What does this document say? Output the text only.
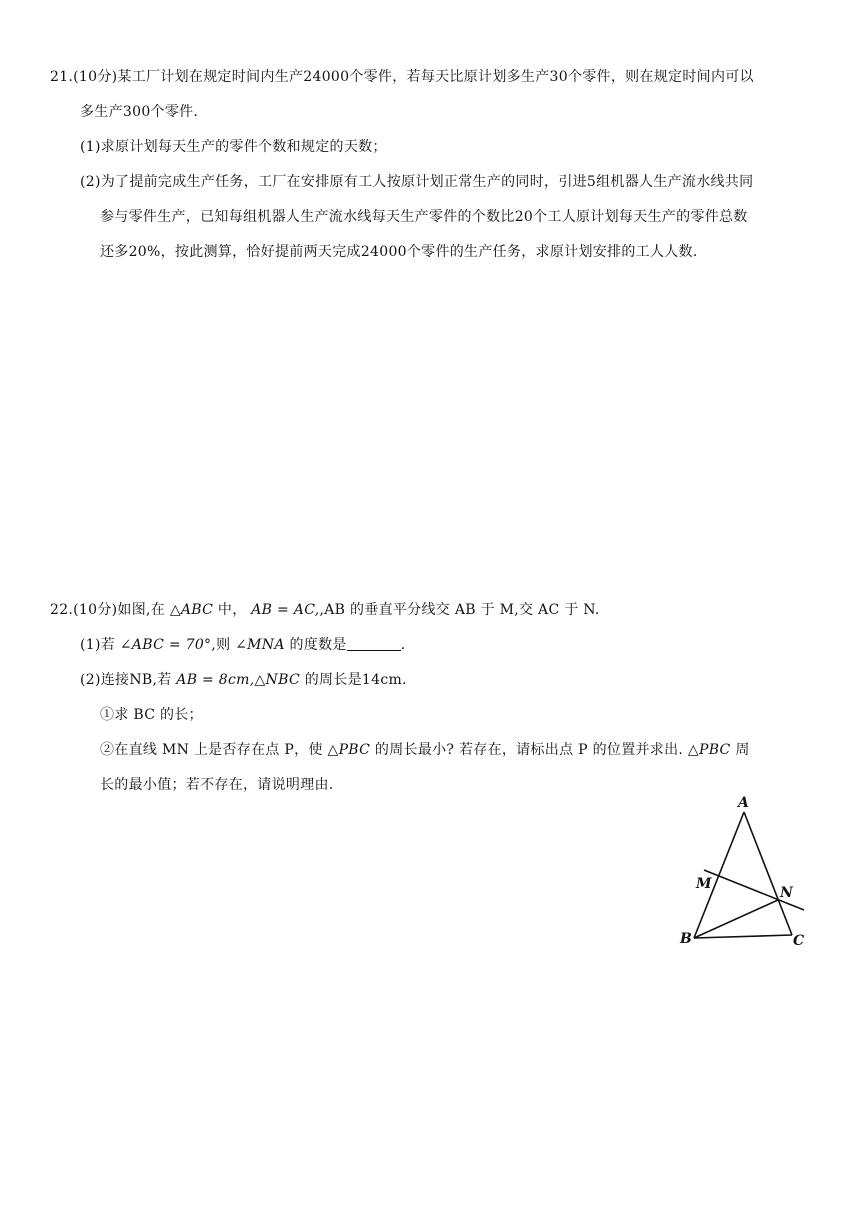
21.(10分)某工厂计划在规定时间内生产24000个零件，若每天比原计划多生产30个零件，则在规定时间内可以
多生产300个零件.
(1)求原计划每天生产的零件个数和规定的天数；
(2)为了提前完成生产任务，工厂在安排原有工人按原计划正常生产的同时，引进5组机器人生产流水线共同
参与零件生产，已知每组机器人生产流水线每天生产零件的个数比20个工人原计划每天生产的零件总数
还多20%，按此测算，恰好提前两天完成24000个零件的生产任务，求原计划安排的工人人数.
22.(10分)如图,在 △ABC 中， AB = AC,,AB 的垂直平分线交 AB 于 M,交 AC 于 N.
(1)若 ∠ABC = 70°,则 ∠MNA 的度数是	.
(2)连接NB,若 AB = 8cm,△NBC 的周长是14cm.
①求 BC 的长；
②在直线 MN 上是否存在点 P，使 △PBC 的周长最小? 若存在，请标出点 P 的位置并求出. △PBC 周
长的最小值；若不存在，请说明理由.
A
B	C
M
N
